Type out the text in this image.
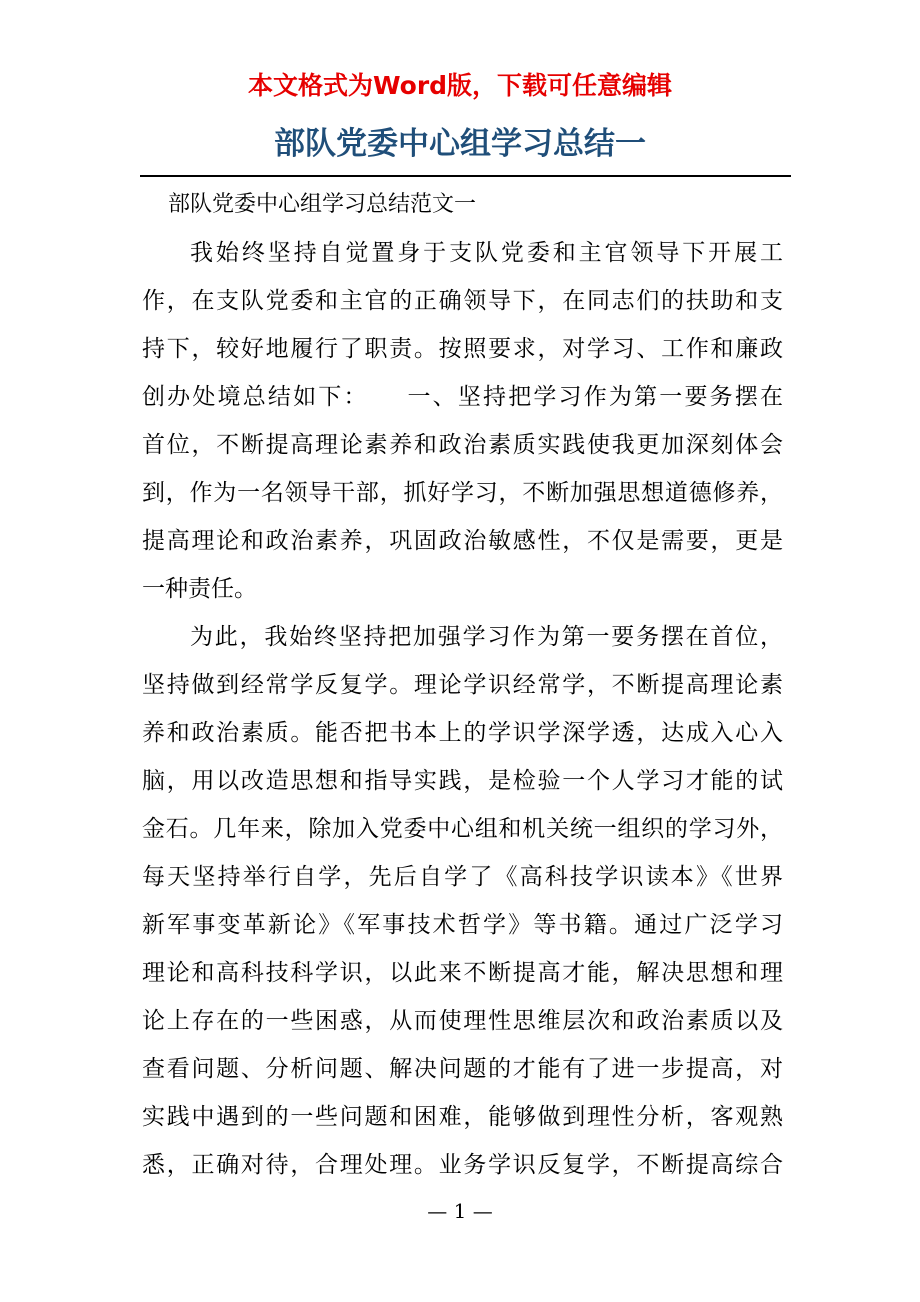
本文格式为Word版，下载可任意编辑
部队党委中心组学习总结一
部队党委中心组学习总结范文一
我始终坚持自觉置身于支队党委和主官领导下开展工
作，在支队党委和主官的正确领导下，在同志们的扶助和支
持下，较好地履行了职责。按照要求，对学习、工作和廉政
创办处境总结如下：　　一、坚持把学习作为第一要务摆在
首位，不断提高理论素养和政治素质实践使我更加深刻体会
到，作为一名领导干部，抓好学习，不断加强思想道德修养，
提高理论和政治素养，巩固政治敏感性，不仅是需要，更是
一种责任。
为此，我始终坚持把加强学习作为第一要务摆在首位，
坚持做到经常学反复学。理论学识经常学，不断提高理论素
养和政治素质。能否把书本上的学识学深学透，达成入心入
脑，用以改造思想和指导实践，是检验一个人学习才能的试
金石。几年来，除加入党委中心组和机关统一组织的学习外，
每天坚持举行自学，先后自学了《高科技学识读本》《世界
新军事变革新论》《军事技术哲学》等书籍。通过广泛学习
理论和高科技科学识，以此来不断提高才能，解决思想和理
论上存在的一些困惑，从而使理性思维层次和政治素质以及
查看问题、分析问题、解决问题的才能有了进一步提高，对
实践中遇到的一些问题和困难，能够做到理性分析，客观熟
悉，正确对待，合理处理。业务学识反复学，不断提高综合
— 1 —
